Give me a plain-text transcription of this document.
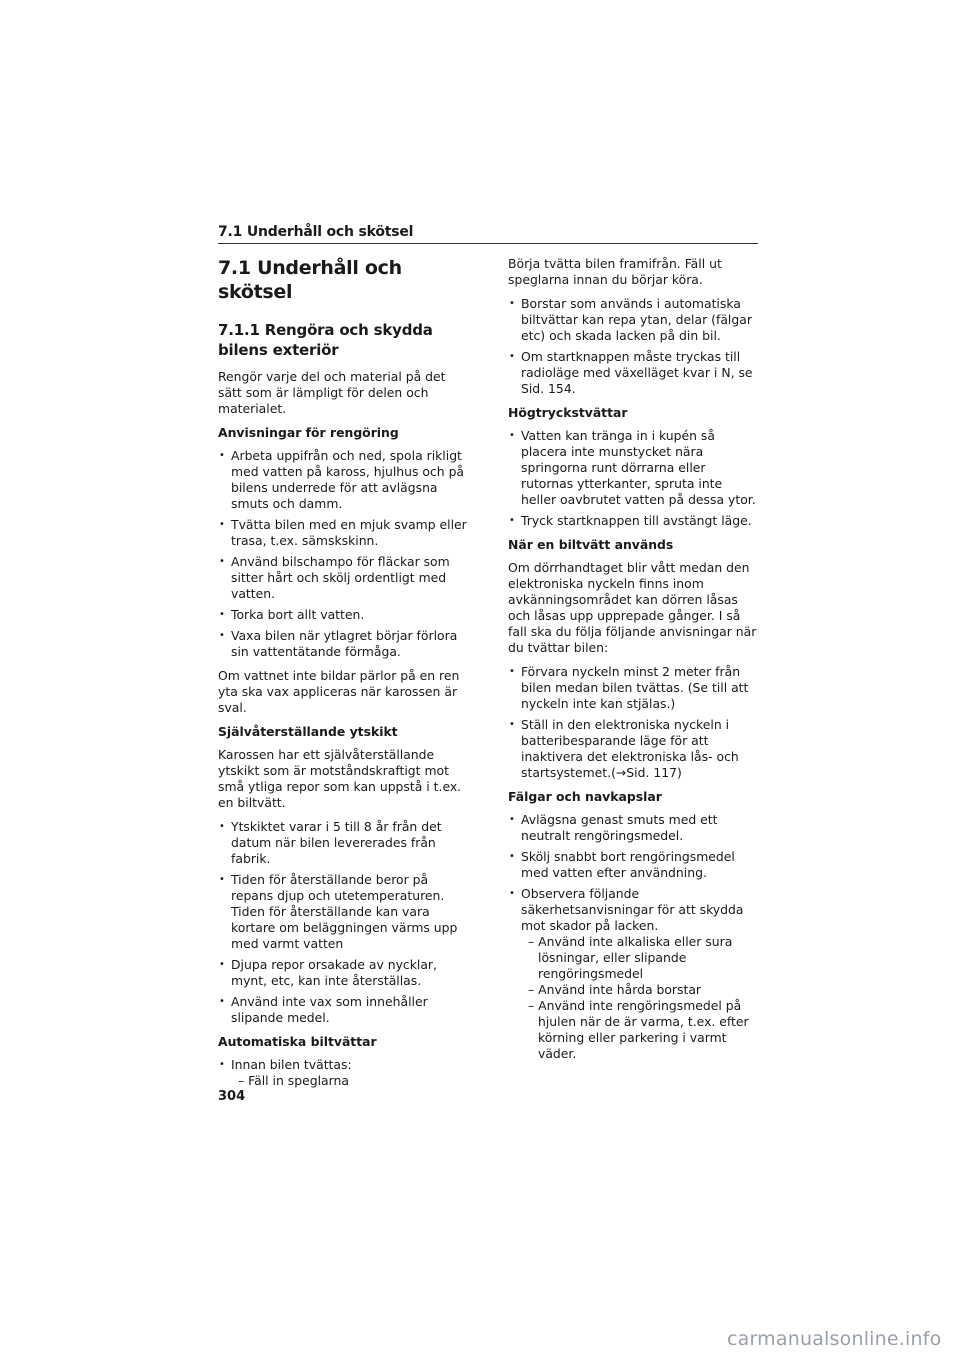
7.1 Underhåll och skötsel
7.1 Underhåll och skötsel
7.1.1 Rengöra och skydda bilens exteriör

Rengör varje del och material på det sätt som är lämpligt för delen och materialet.

Anvisningar för rengöring
• Arbeta uppifrån och ned, spola rikligt med vatten på kaross, hjulhus och på bilens underrede för att avlägsna smuts och damm.
• Tvätta bilen med en mjuk svamp eller trasa, t.ex. sämskskinn.
• Använd bilschampo för fläckar som sitter hårt och skölj ordentligt med vatten.
• Torka bort allt vatten.
• Vaxa bilen när ytlagret börjar förlora sin vattentätande förmåga.

Om vattnet inte bildar pärlor på en ren yta ska vax appliceras när karossen är sval.

Självåterställande ytskikt

Karossen har ett självåterställande ytskikt som är motståndskraftigt mot små ytliga repor som kan uppstå i t.ex. en biltvätt.

• Ytskiktet varar i 5 till 8 år från det datum när bilen levererades från fabrik.
• Tiden för återställande beror på repans djup och utetemperaturen. Tiden för återställande kan vara kortare om beläggningen värms upp med varmt vatten
• Djupa repor orsakade av nycklar, mynt, etc, kan inte återställas.
• Använd inte vax som innehåller slipande medel.
Automatiska biltvättar
• Innan bilen tvättas:
– Fäll in speglarna

Börja tvätta bilen framifrån. Fäll ut speglarna innan du börjar köra.

• Borstar som används i automatiska biltvättar kan repa ytan, delar (fälgar etc) och skada lacken på din bil.
• Om startknappen måste tryckas till radioläge med växelläget kvar i N, se Sid. 154.
Högtryckstvättar
• Vatten kan tränga in i kupén så placera inte munstycket nära springorna runt dörrarna eller rutornas ytterkanter, spruta inte heller oavbrutet vatten på dessa ytor.
• Tryck startknappen till avstängt läge.
När en biltvätt används

Om dörrhandtaget blir vått medan den elektroniska nyckeln finns inom avkänningsområdet kan dörren låsas och låsas upp upprepade gånger. I så fall ska du följa följande anvisningar när du tvättar bilen:

• Förvara nyckeln minst 2 meter från bilen medan bilen tvättas. (Se till att nyckeln inte kan stjälas.)
• Ställ in den elektroniska nyckeln i batteribesparande läge för att inaktivera det elektroniska lås- och startsystemet.(→Sid. 117)
Fälgar och navkapslar
• Avlägsna genast smuts med ett neutralt rengöringsmedel.
• Skölj snabbt bort rengöringsmedel med vatten efter användning.
• Observera följande säkerhetsanvisningar för att skydda mot skador på lacken.
– Använd inte alkaliska eller sura lösningar, eller slipande rengöringsmedel
– Använd inte hårda borstar
– Använd inte rengöringsmedel på hjulen när de är varma, t.ex. efter körning eller parkering i varmt väder.
304
carmanualsonline.info
